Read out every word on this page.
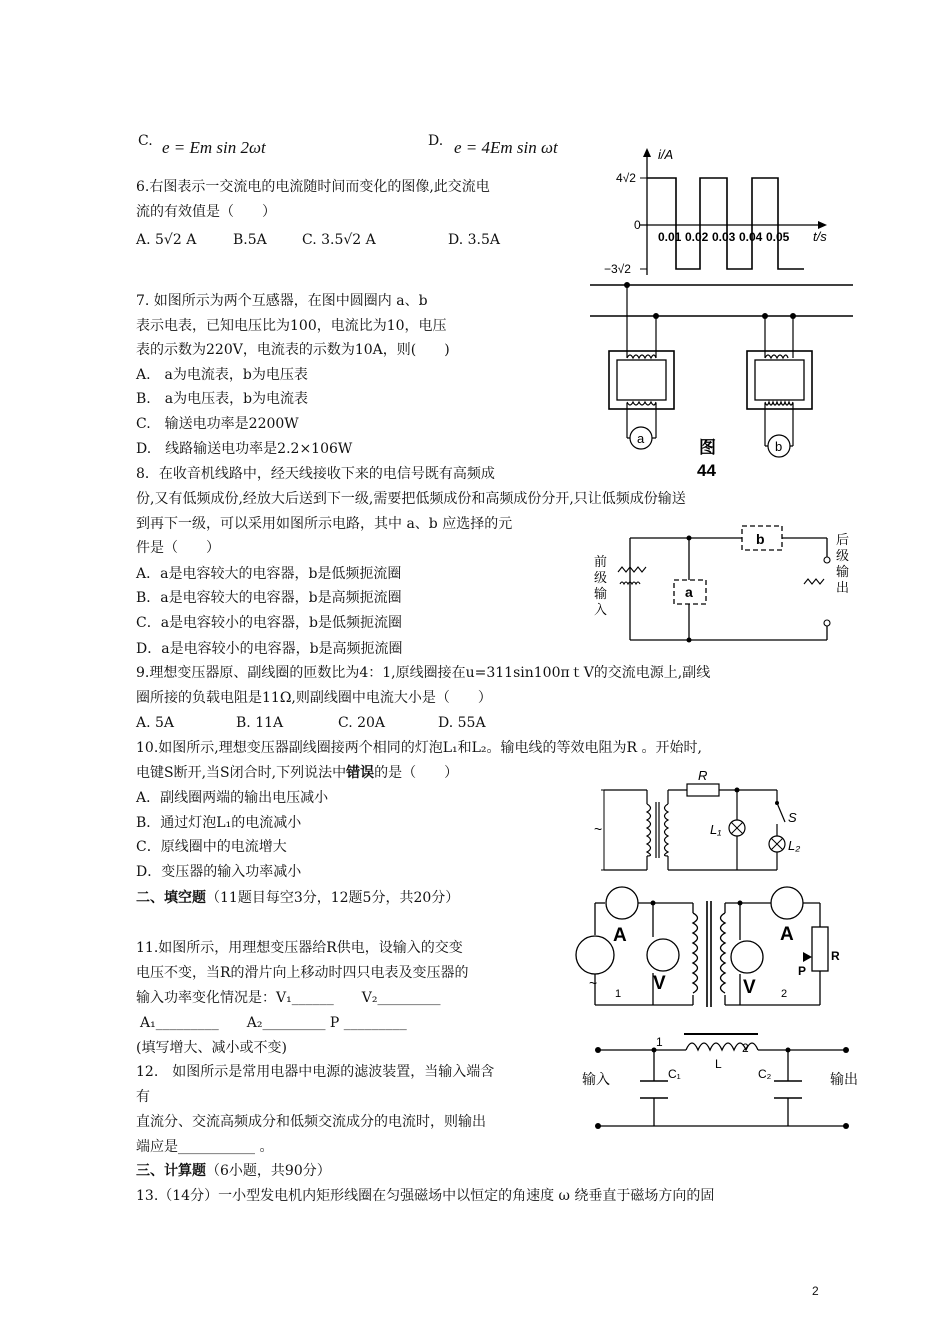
C. e = Em sin 2ωt	D. e = 4Em sin ωt
6.右图表示一交流电的电流随时间而变化的图像,此交流电
流的有效值是（　　）
A. 5√2 A	B.5A	C. 3.5√2 A	D. 3.5A
i/A
4√2
0
−3√2
0.01 0.02 0.03 0.04 0.05 t/s
7. 如图所示为两个互感器，在图中圆圈内 a、b
表示电表，已知电压比为100，电流比为10，电压
表的示数为220V，电流表的示数为10A，则(　　)
A.　a为电流表，b为电压表
B.　a为电压表，b为电流表
C.　输送电功率是2200W
D.　线路输送电功率是2.2×106W
a
b
图
44
8．在收音机线路中，经天线接收下来的电信号既有高频成
份,又有低频成份,经放大后送到下一级,需要把低频成份和高频成份分开,只让低频成份输送
到再下一级，可以采用如图所示电路，其中 a、b 应选择的元
件是（　　）
A．a是电容较大的电容器，b是低频扼流圈
B．a是电容较大的电容器，b是高频扼流圈
C．a是电容较小的电容器，b是低频扼流圈
D．a是电容较小的电容器，b是高频扼流圈
b
a
前
级
输
入
后
级
输
出
9.理想变压器原、副线圈的匝数比为4：1,原线圈接在u=311sin100πｔV的交流电源上,副线
圈所接的负载电阻是11Ω,则副线圈中电流大小是（　　）
A. 5A	B. 11A	C. 20A	D. 55A
10.如图所示,理想变压器副线圈接两个相同的灯泡L₁和L₂。输电线的等效电阻为R 。开始时,
电键S断开,当S闭合时,下列说法中错误的是（　　）
A．副线圈两端的输出电压减小
B．通过灯泡L₁的电流减小
C．原线圈中的电流增大
D．变压器的输入功率减小
~
R
L₁
S
L₂
二、填空题（11题目每空3分，12题5分，共20分）
11.如图所示，用理想变压器给R供电，设输入的交变
电压不变，当R的滑片向上移动时四只电表及变压器的
输入功率变化情况是：V₁______　　V₂_________
A₁_________　　A₂_________ P _________
(填写增大、减小或不变)
~
A
V
1	V 2
A
P
R
12.　如图所示是常用电器中电源的滤波装置，当输入端含
有
直流分、交流高频成分和低频交流成分的电流时，则输出
端应是___________ 。
1	2
L
C₁	C₂
输入	输出
三、计算题（6小题，共90分）
13.（14分）一小型发电机内矩形线圈在匀强磁场中以恒定的角速度 ω 绕垂直于磁场方向的固
2
